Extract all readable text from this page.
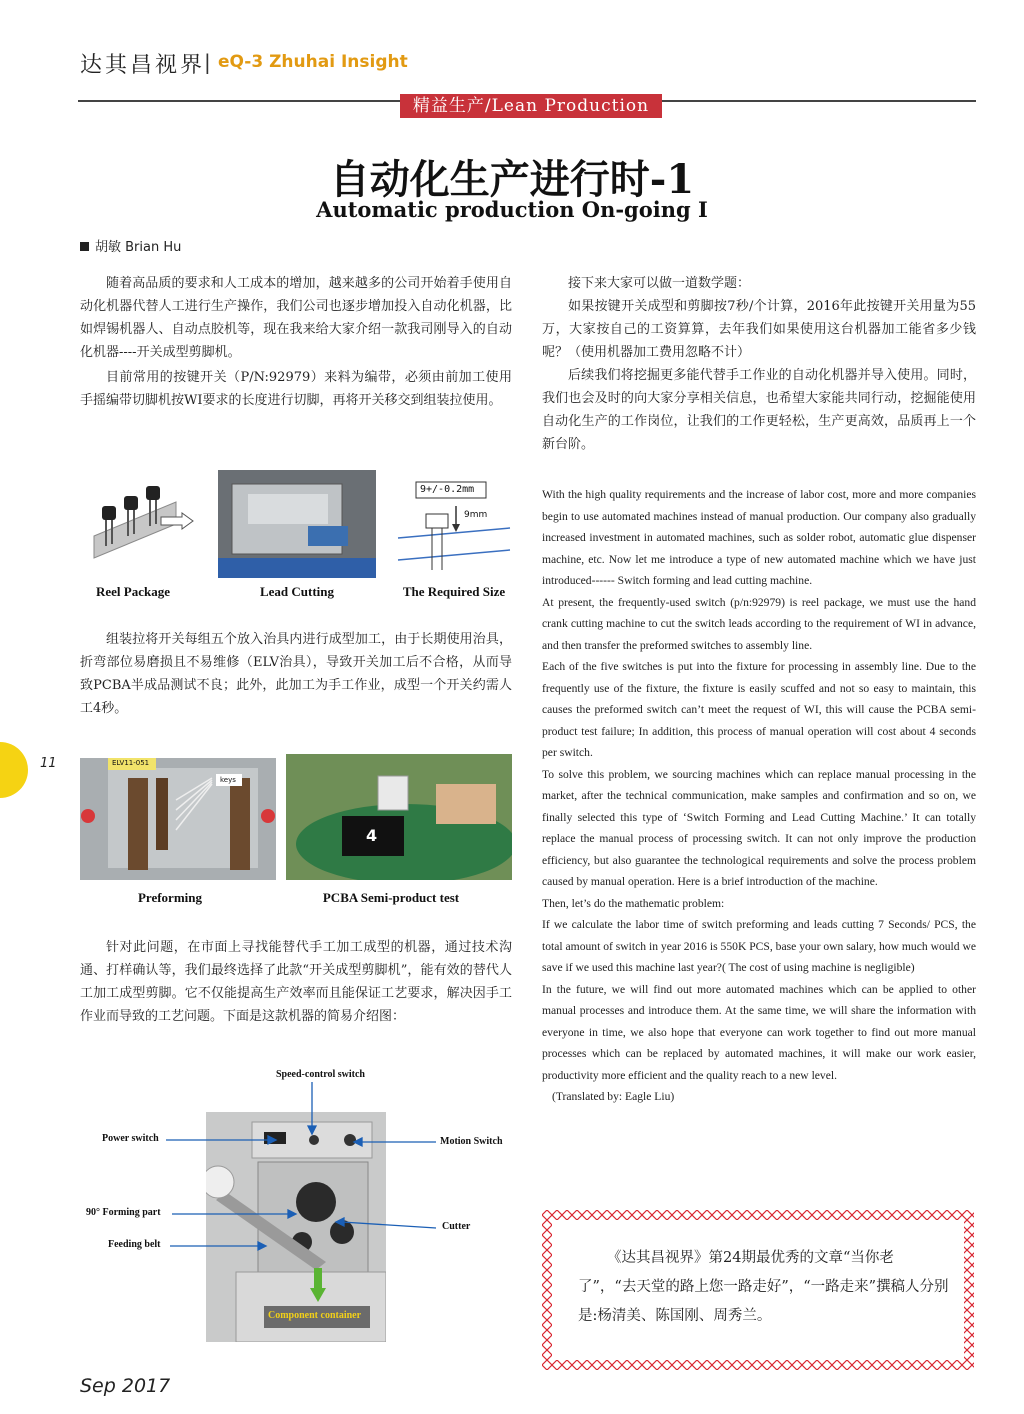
达其昌视界
| eQ-3 Zhuhai Insight
精益生产/Lean Production
自动化生产进行时-1
Automatic production On-going Ⅰ
胡敏 Brian Hu

随着高品质的要求和人工成本的增加，越来越多的公司开始着手使用自动化机器代替人工进行生产操作，我们公司也逐步增加投入自动化机器，比如焊锡机器人、自动点胶机等，现在我来给大家介绍一款我司刚导入的自动化机器----开关成型剪脚机。

目前常用的按键开关（P/N:92979）来料为编带，必须由前加工使用手摇编带切脚机按WI要求的长度进行切脚，再将开关移交到组装拉使用。

9+/-0.2mm
9mm
Reel Package	Lead Cutting	The Required Size

组装拉将开关每组五个放入治具内进行成型加工，由于长期使用治具，折弯部位易磨损且不易维修（ELV治具），导致开关加工后不合格，从而导致PCBA半成品测试不良；此外，此加工为手工作业，成型一个开关约需人工4秒。

ELV11-051
keys
4
Preforming	PCBA Semi-product test

针对此问题，在市面上寻找能替代手工加工成型的机器，通过技术沟通、打样确认等，我们最终选择了此款“开关成型剪脚机”，能有效的替代人工加工成型剪脚。它不仅能提高生产效率而且能保证工艺要求，解决因手工作业而导致的工艺问题。下面是这款机器的简易介绍图：

Component container
Speed-control switch
Power switch	Motion Switch
90° Forming part
Cutter
Feeding belt

接下来大家可以做一道数学题：

如果按键开关成型和剪脚按7秒/个计算，2016年此按键开关用量为55万，大家按自己的工资算算，去年我们如果使用这台机器加工能省多少钱呢？（使用机器加工费用忽略不计）

后续我们将挖掘更多能代替手工作业的自动化机器并导入使用。同时，我们也会及时的向大家分享相关信息，也希望大家能共同行动，挖掘能使用自动化生产的工作岗位，让我们的工作更轻松，生产更高效，品质再上一个新台阶。

With the high quality requirements and the increase of labor cost, more and more companies begin to use automated machines instead of manual production. Our company also gradually increased investment in automated machines, such as solder robot, automatic glue dispenser machine, etc. Now let me introduce a type of new automated machine which we have just introduced------ Switch forming and lead cutting machine.

At present, the frequently-used switch (p/n:92979) is reel package, we must use the hand crank cutting machine to cut the switch leads according to the requirement of WI in advance, and then transfer the preformed switches to assembly line.

Each of the five switches is put into the fixture for processing in assembly line. Due to the frequently use of the fixture, the fixture is easily scuffed and not so easy to maintain, this causes the preformed switch can’t meet the request of WI, this will cause the PCBA semi-product test failure; In addition, this process of manual operation will cost about 4 seconds per switch.

To solve this problem, we sourcing machines which can replace manual processing in the market, after the technical communication, make samples and confirmation and so on, we finally selected this type of ‘Switch Forming and Lead Cutting Machine.’ It can totally replace the manual process of processing switch. It can not only improve the production efficiency, but also guarantee the technological requirements and solve the process problem caused by manual operation. Here is a brief introduction of the machine.

Then, let’s do the mathematic problem:

If we calculate the labor time of switch preforming and leads cutting 7 Seconds/ PCS, the total amount of switch in year 2016 is 550K PCS, base your own salary, how much would we save if we used this machine last year?( The cost of using machine is negligible)

In the future, we will find out more automated machines which can be applied to other manual processes and introduce them. At the same time, we will share the information with everyone in time, we also hope that everyone can work together to find out more manual processes which can be replaced by automated machines, it will make our work easier, productivity more efficient and the quality reach to a new level.

(Translated by: Eagle Liu)

《达其昌视界》第24期最优秀的文章“当你老了”，“去天堂的路上您一路走好”，“一路走来”撰稿人分别是:杨清美、陈国刚、周秀兰。
11
Sep 2017
